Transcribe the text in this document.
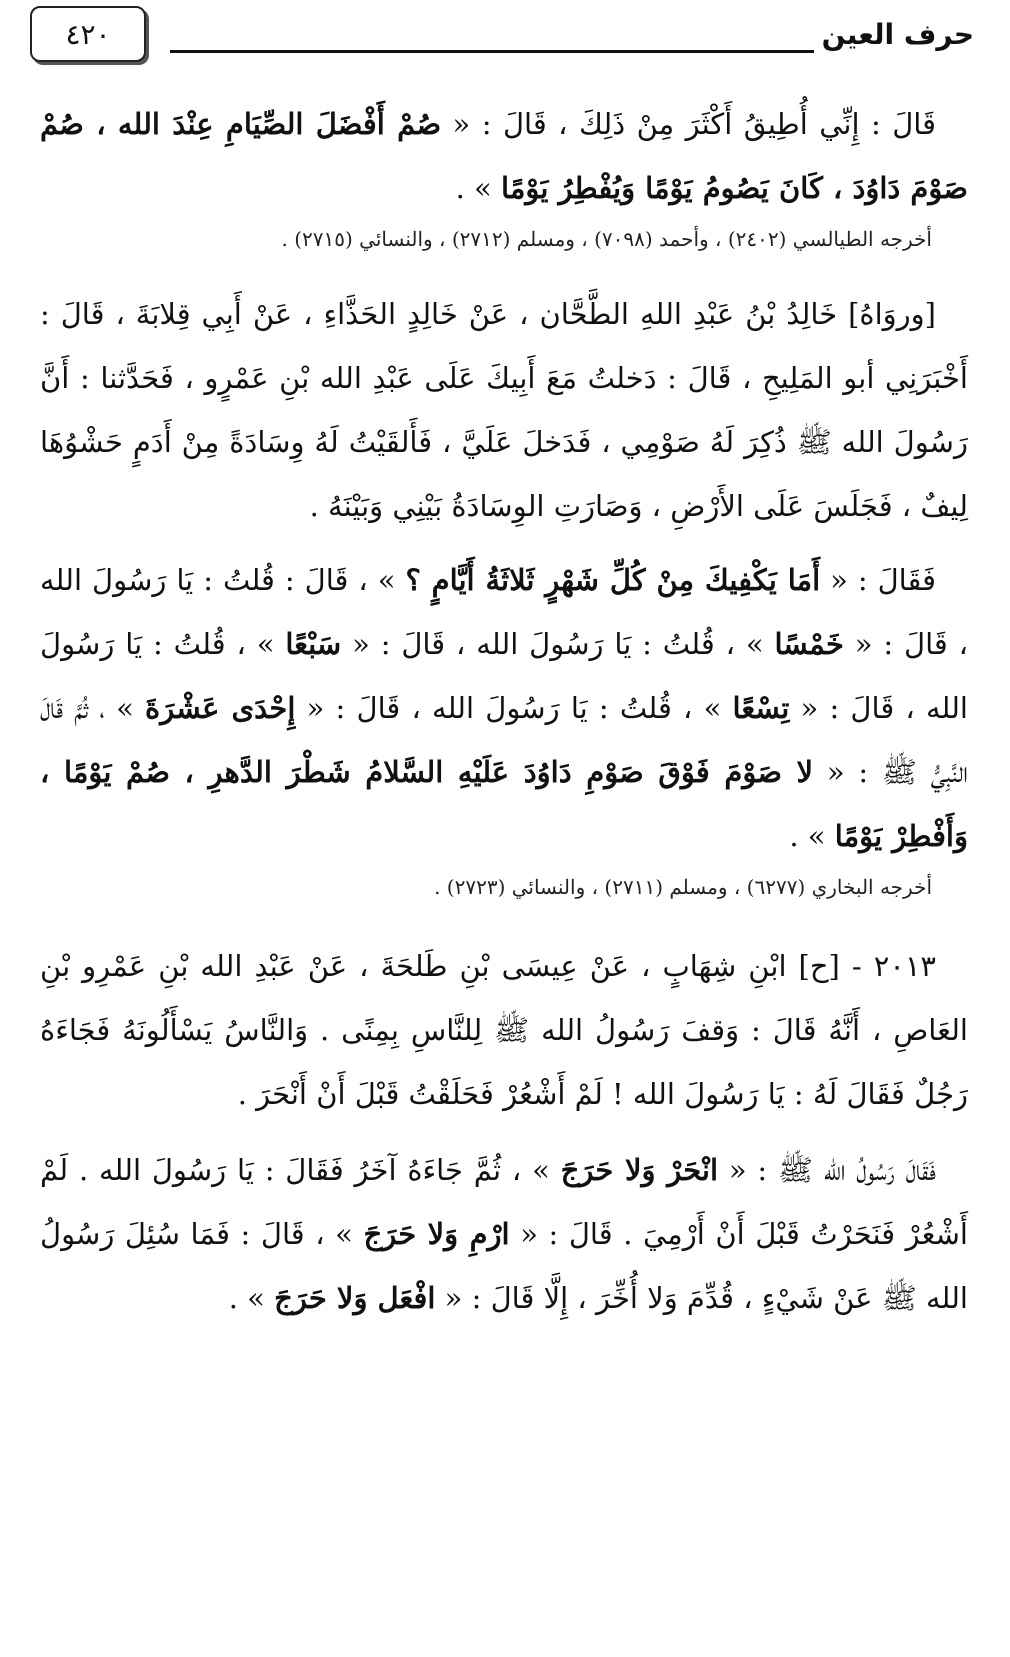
حرف العين
٤٢٠

قَالَ : إِنِّي أُطِيقُ أَكْثَرَ مِنْ ذَلِكَ ، قَالَ : « صُمْ أَفْضَلَ الصِّيَامِ عِنْدَ الله ، صُمْ صَوْمَ دَاوُدَ ، كَانَ يَصُومُ يَوْمًا وَيُفْطِرُ يَوْمًا » .

أخرجه الطيالسي (٢٤٠٢) ، وأحمد (٧٠٩٨) ، ومسلم (٢٧١٢) ، والنسائي (٢٧١٥) .

[وروَاهُ] خَالِدُ بْنُ عَبْدِ اللهِ الطَّحَّان ، عَنْ خَالِدٍ الحَذَّاءِ ، عَنْ أَبِي قِلابَةَ ، قَالَ : أَخْبَرَنِي أبو المَلِيحِ ، قَالَ : دَخلتُ مَعَ أَبِيكَ عَلَى عَبْدِ الله بْنِ عَمْرٍو ، فَحَدَّثنا : أَنَّ رَسُولَ الله ﷺ ذُكِرَ لَهُ صَوْمِي ، فَدَخلَ عَلَيَّ ، فَأَلقَيْتُ لَهُ وِسَادَةً مِنْ أَدَمٍ حَشْوُهَا لِيفٌ ، فَجَلَسَ عَلَى الأَرْضِ ، وَصَارَتِ الوِسَادَةُ بَيْنِي وَبَيْنَهُ .

فَقَالَ : « أَمَا يَكْفِيكَ مِنْ كُلِّ شَهْرٍ ثَلاثَةُ أَيَّامٍ ؟ » ، قَالَ : قُلتُ : يَا رَسُولَ الله ، قَالَ : « خَمْسًا » ، قُلتُ : يَا رَسُولَ الله ، قَالَ : « سَبْعًا » ، قُلتُ : يَا رَسُولَ الله ، قَالَ : « تِسْعًا » ، قُلتُ : يَا رَسُولَ الله ، قَالَ : « إِحْدَى عَشْرَةَ » ، ثُمَّ قَالَ النَّبِيُّ ﷺ : « لا صَوْمَ فَوْقَ صَوْمِ دَاوُدَ عَلَيْهِ السَّلامُ شَطْرَ الدَّهرِ ، صُمْ يَوْمًا ، وَأَفْطِرْ يَوْمًا » .

أخرجه البخاري (٦٢٧٧) ، ومسلم (٢٧١١) ، والنسائي (٢٧٢٣) .

٢٠١٣ - [ح] ابْنِ شِهَابٍ ، عَنْ عِيسَى بْنِ طَلحَةَ ، عَنْ عَبْدِ الله بْنِ عَمْرِو بْنِ العَاصِ ، أَنَّهُ قَالَ : وَقفَ رَسُولُ الله ﷺ لِلنَّاسِ بِمِنًى . وَالنَّاسُ يَسْأَلُونَهُ فَجَاءَهُ رَجُلٌ فَقَالَ لَهُ : يَا رَسُولَ الله ! لَمْ أَشْعُرْ فَحَلَقْتُ قَبْلَ أَنْ أَنْحَرَ .

فَقَالَ رَسُولُ الله ﷺ : « انْحَرْ وَلا حَرَجَ » ، ثُمَّ جَاءَهُ آخَرُ فَقَالَ : يَا رَسُولَ الله . لَمْ أَشْعُرْ فَنَحَرْتُ قَبْلَ أَنْ أَرْمِيَ . قَالَ : « ارْمِ وَلا حَرَجَ » ، قَالَ : فَمَا سُئِلَ رَسُولُ الله ﷺ عَنْ شَيْءٍ ، قُدِّمَ وَلا أُخِّرَ ، إِلَّا قَالَ : « افْعَل وَلا حَرَجَ » .
